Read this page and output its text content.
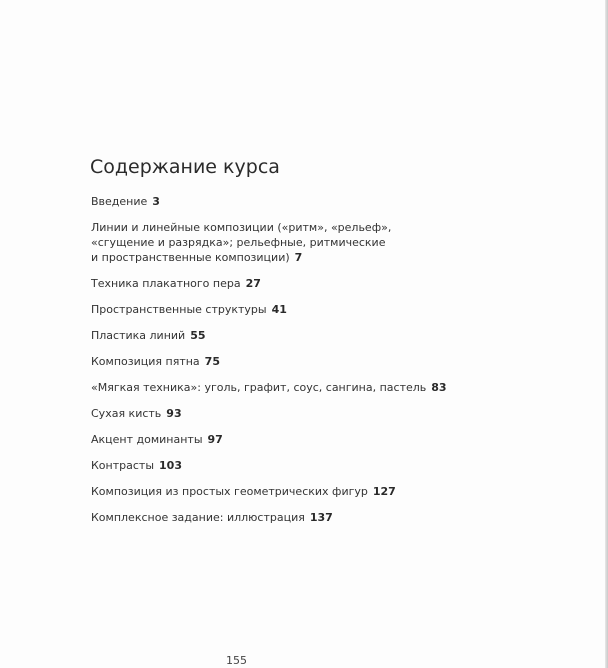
Содержание курса
Введение 3
Линии и линейные композиции («ритм», «рельеф»,
«сгущение и разрядка»; рельефные, ритмические
и пространственные композиции) 7
Техника плакатного пера 27
Пространственные структуры 41
Пластика линий 55
Композиция пятна 75
«Мягкая техника»: уголь, графит, соус, сангина, пастель 83
Сухая кисть 93
Акцент доминанты 97
Контрасты 103
Композиция из простых геометрических фигур 127
Комплексное задание: иллюстрация 137
155
